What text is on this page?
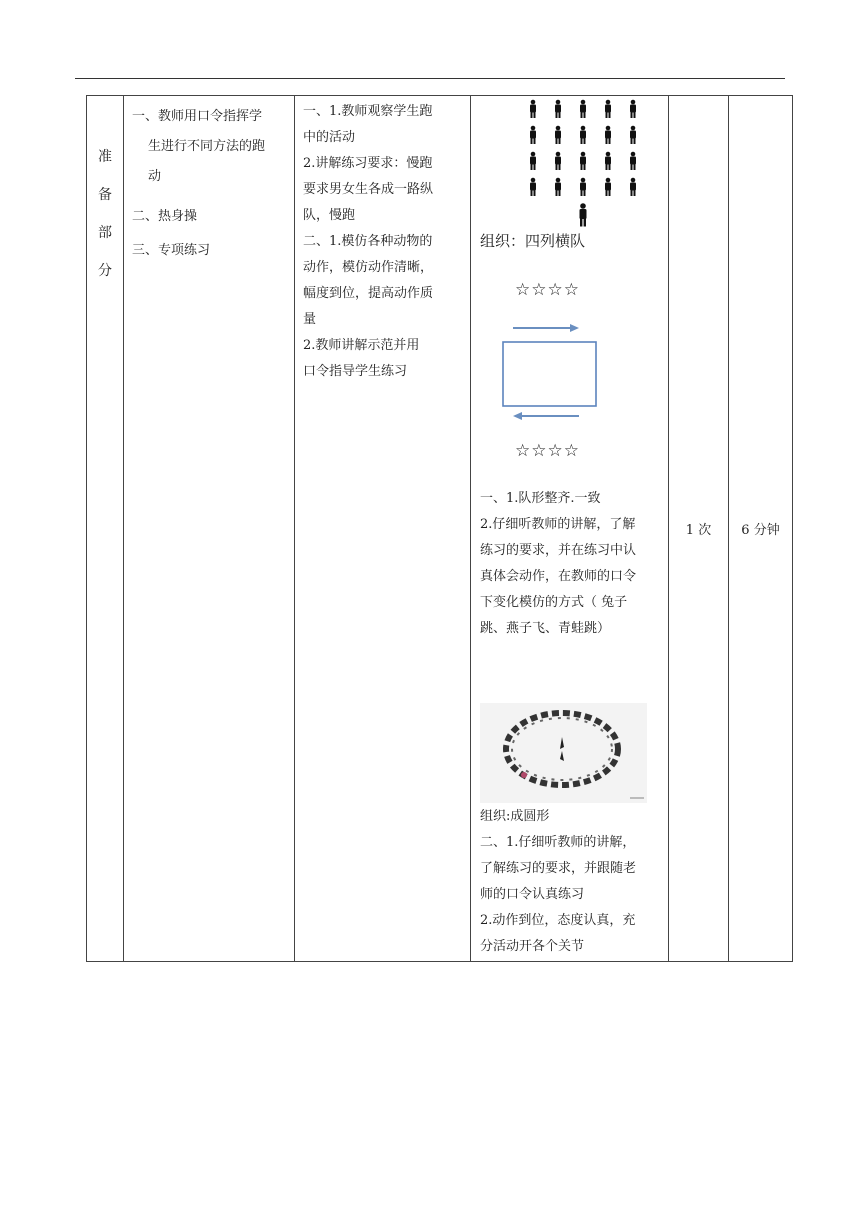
准
备
部
分

一、教师用口令指挥学
生进行不同方法的跑
动
二、热身操
三、专项练习

一、1.教师观察学生跑
中的活动
2.讲解练习要求：慢跑
要求男女生各成一路纵
队，慢跑
二、1.模仿各种动物的
动作，模仿动作清晰，
幅度到位，提高动作质
量
2.教师讲解示范并用
口令指导学生练习

组织：四列横队
☆☆☆☆
☆☆☆☆
一、1.队形整齐.一致
2.仔细听教师的讲解，了解
练习的要求，并在练习中认
真体会动作，在教师的口令
下变化模仿的方式（ 兔子
跳、燕子飞、青蛙跳）
组织:成圆形
二、1.仔细听教师的讲解，
了解练习的要求，并跟随老
师的口令认真练习
2.动作到位，态度认真，充
分活动开各个关节
	1 次	6 分钟
